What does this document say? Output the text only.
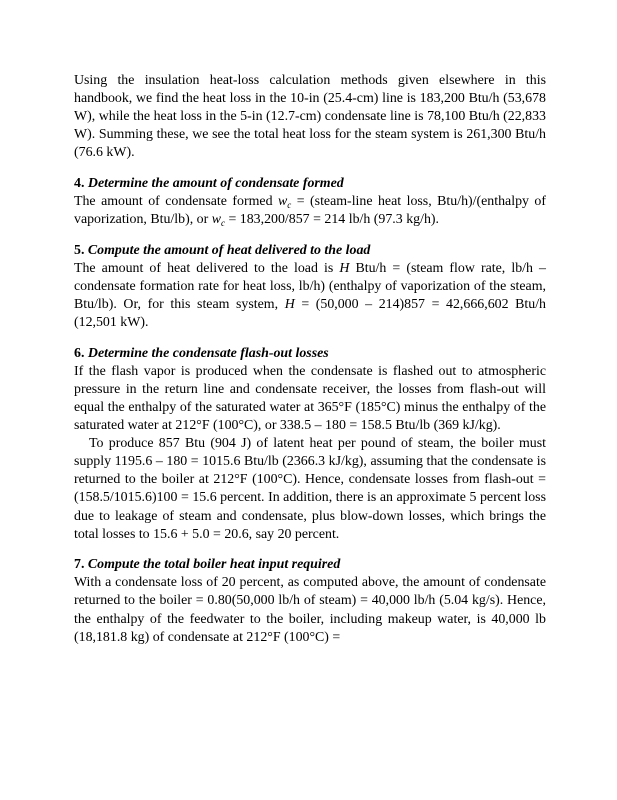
Using the insulation heat-loss calculation methods given elsewhere in this handbook, we find the heat loss in the 10-in (25.4-cm) line is 183,200 Btu/h (53,678 W), while the heat loss in the 5-in (12.7-cm) condensate line is 78,100 Btu/h (22,833 W). Summing these, we see the total heat loss for the steam system is 261,300 Btu/h (76.6 kW).

4. Determine the amount of condensate formed

The amount of condensate formed $w_c$ = (steam-line heat loss, Btu/h)/(enthalpy of vaporization, Btu/lb), or $w_c = 183,200/857 = 214$ lb/h (97.3 kg/h).

5. Compute the amount of heat delivered to the load

The amount of heat delivered to the load is H Btu/h = (steam flow rate, lb/h – condensate formation rate for heat loss, lb/h) (enthalpy of vaporization of the steam, Btu/lb). Or, for this steam system, H = (50,000 – 214)857 = 42,666,602 Btu/h (12,501 kW).

6. Determine the condensate flash-out losses

If the flash vapor is produced when the condensate is flashed out to atmospheric pressure in the return line and condensate receiver, the losses from flash-out will equal the enthalpy of the saturated water at 365°F (185°C) minus the enthalpy of the saturated water at 212°F (100°C), or 338.5 – 180 = 158.5 Btu/lb (369 kJ/kg).

To produce 857 Btu (904 J) of latent heat per pound of steam, the boiler must supply 1195.6 – 180 = 1015.6 Btu/lb (2366.3 kJ/kg), assuming that the condensate is returned to the boiler at 212°F (100°C). Hence, condensate losses from flash-out = (158.5/1015.6)100 = 15.6 percent. In addition, there is an approximate 5 percent loss due to leakage of steam and condensate, plus blow-down losses, which brings the total losses to 15.6 + 5.0 = 20.6, say 20 percent.

7. Compute the total boiler heat input required

With a condensate loss of 20 percent, as computed above, the amount of condensate returned to the boiler = 0.80(50,000 lb/h of steam) = 40,000 lb/h (5.04 kg/s). Hence, the enthalpy of the feedwater to the boiler, including makeup water, is 40,000 lb (18,181.8 kg) of condensate at 212°F (100°C) =
